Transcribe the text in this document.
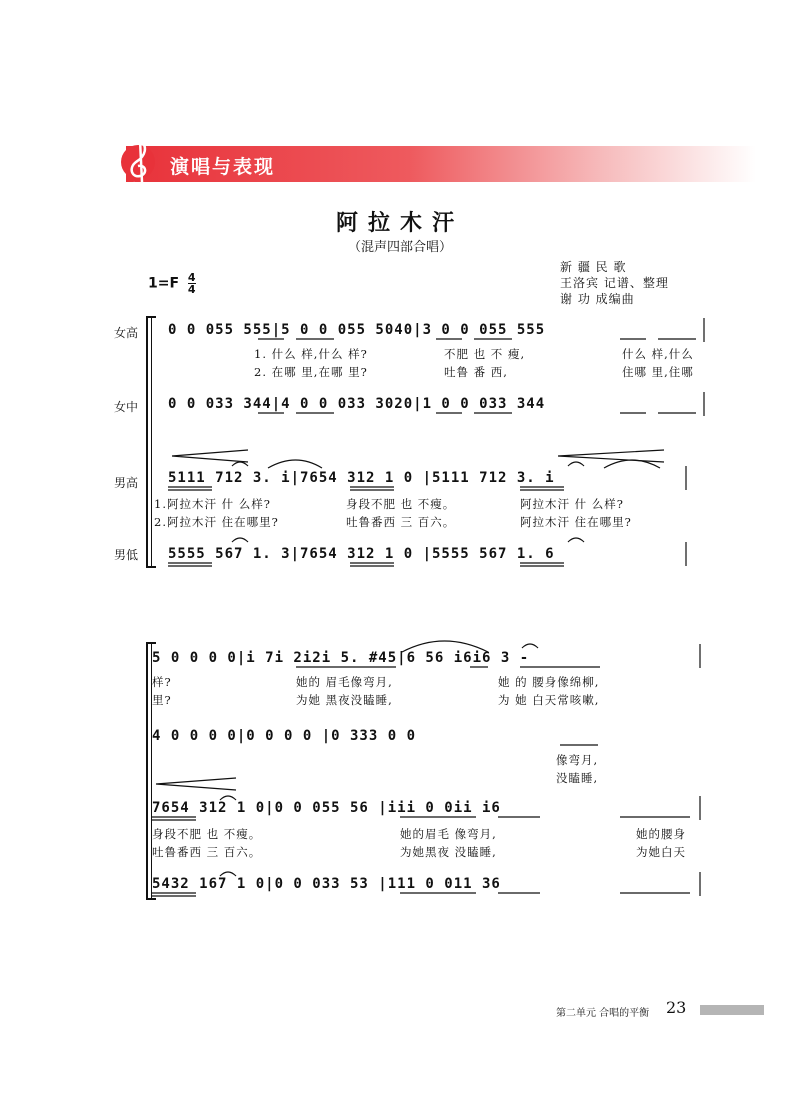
演唱与表现
阿拉木汗
（混声四部合唱）
$1=F \frac{4}{4}$
新 疆 民 歌
王洛宾 记谱、整理
谢 功 成编曲
女高
女中
男高
男低
0 0 055 555|5 0 0 055 5040|3 0 0 055 555
0 0 033 344|4 0 0 033 3020|1 0 0 033 344
5111 712 3. i|7654 312 1 0 |5111 712 3. i
5555 567 1. 3|7654 312 1 0 |5555 567 1. 6
1. 什么 样,什么 样?	不肥 也 不 瘦,	什么 样,什么
2. 在哪 里,在哪 里?	吐鲁 番 西,	住哪 里,住哪
1.阿拉木汗 什 么样?	身段不肥 也 不瘦。	阿拉木汗 什 么样?
2.阿拉木汗 住在哪里?	吐鲁番西 三 百六。	阿拉木汗 住在哪里?
5 0 0 0 0|i 7i 2i2i 5. #45|6 56 i6i6 3 -
4 0 0 0 0|0 0 0 0 |0 333 0 0
7654 312 1 0|0 0 055 56 |iii 0 0ii i6
5432 167 1 0|0 0 033 53 |111 0 011 36
样?	她的 眉毛像弯月,	她 的 腰身像绵柳,
里?	为她 黑夜没瞌睡,	为 她 白天常咳嗽,
像弯月,
没瞌睡,
身段不肥 也 不瘦。	她的眉毛 像弯月,	她的腰身
吐鲁番西 三 百六。	为她黑夜 没瞌睡,	为她白天
第二单元 合唱的平衡 23
